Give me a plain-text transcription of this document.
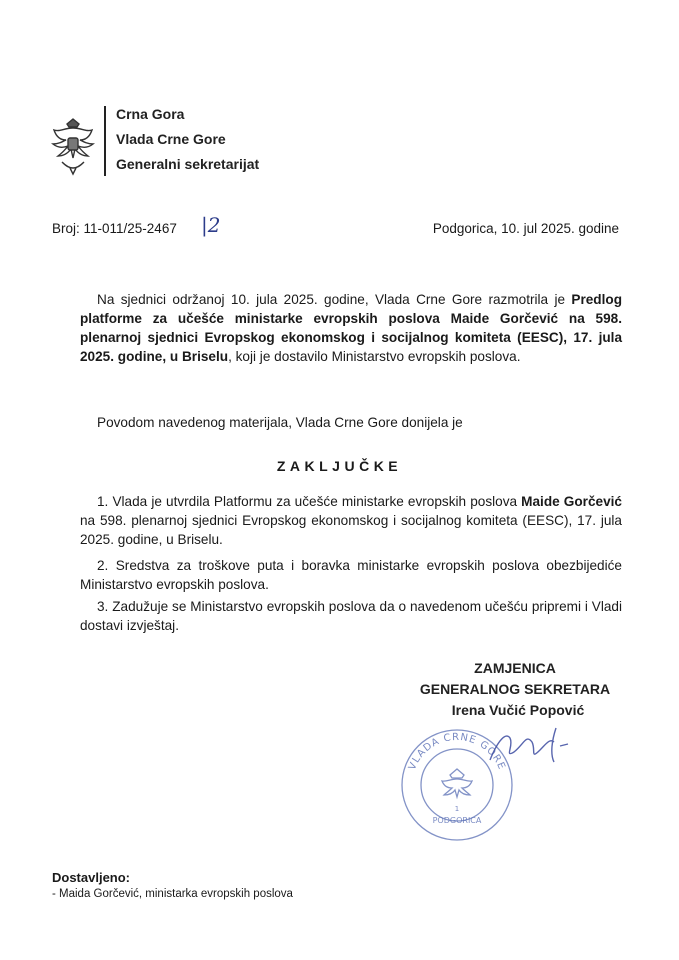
Crna Gora
Vlada Crne Gore
Generalni sekretarijat
Broj: 11-011/25-2467 |2	Podgorica, 10. jul 2025. godine
Na sjednici održanoj 10. jula 2025. godine, Vlada Crne Gore razmotrila je Predlog platforme za učešće ministarke evropskih poslova Maide Gorčević na 598. plenarnoj sjednici Evropskog ekonomskog i socijalnog komiteta (EESC), 17. jula 2025. godine, u Briselu, koji je dostavilo Ministarstvo evropskih poslova.
Povodom navedenog materijala, Vlada Crne Gore donijela je
ZAKLJUČKE
1. Vlada je utvrdila Platformu za učešće ministarke evropskih poslova Maide Gorčević na 598. plenarnoj sjednici Evropskog ekonomskog i socijalnog komiteta (EESC), 17. jula 2025. godine, u Briselu.
2. Sredstva za troškove puta i boravka ministarke evropskih poslova obezbijediće Ministarstvo evropskih poslova.
3. Zadužuje se Ministarstvo evropskih poslova da o navedenom učešću pripremi i Vladi dostavi izvještaj.
ZAMJENICA
GENERALNOG SEKRETARA
Irena Vučić Popović
VLADA CRNE GORE
PODGORICA
1
Dostavljeno:
- Maida Gorčević, ministarka evropskih poslova
